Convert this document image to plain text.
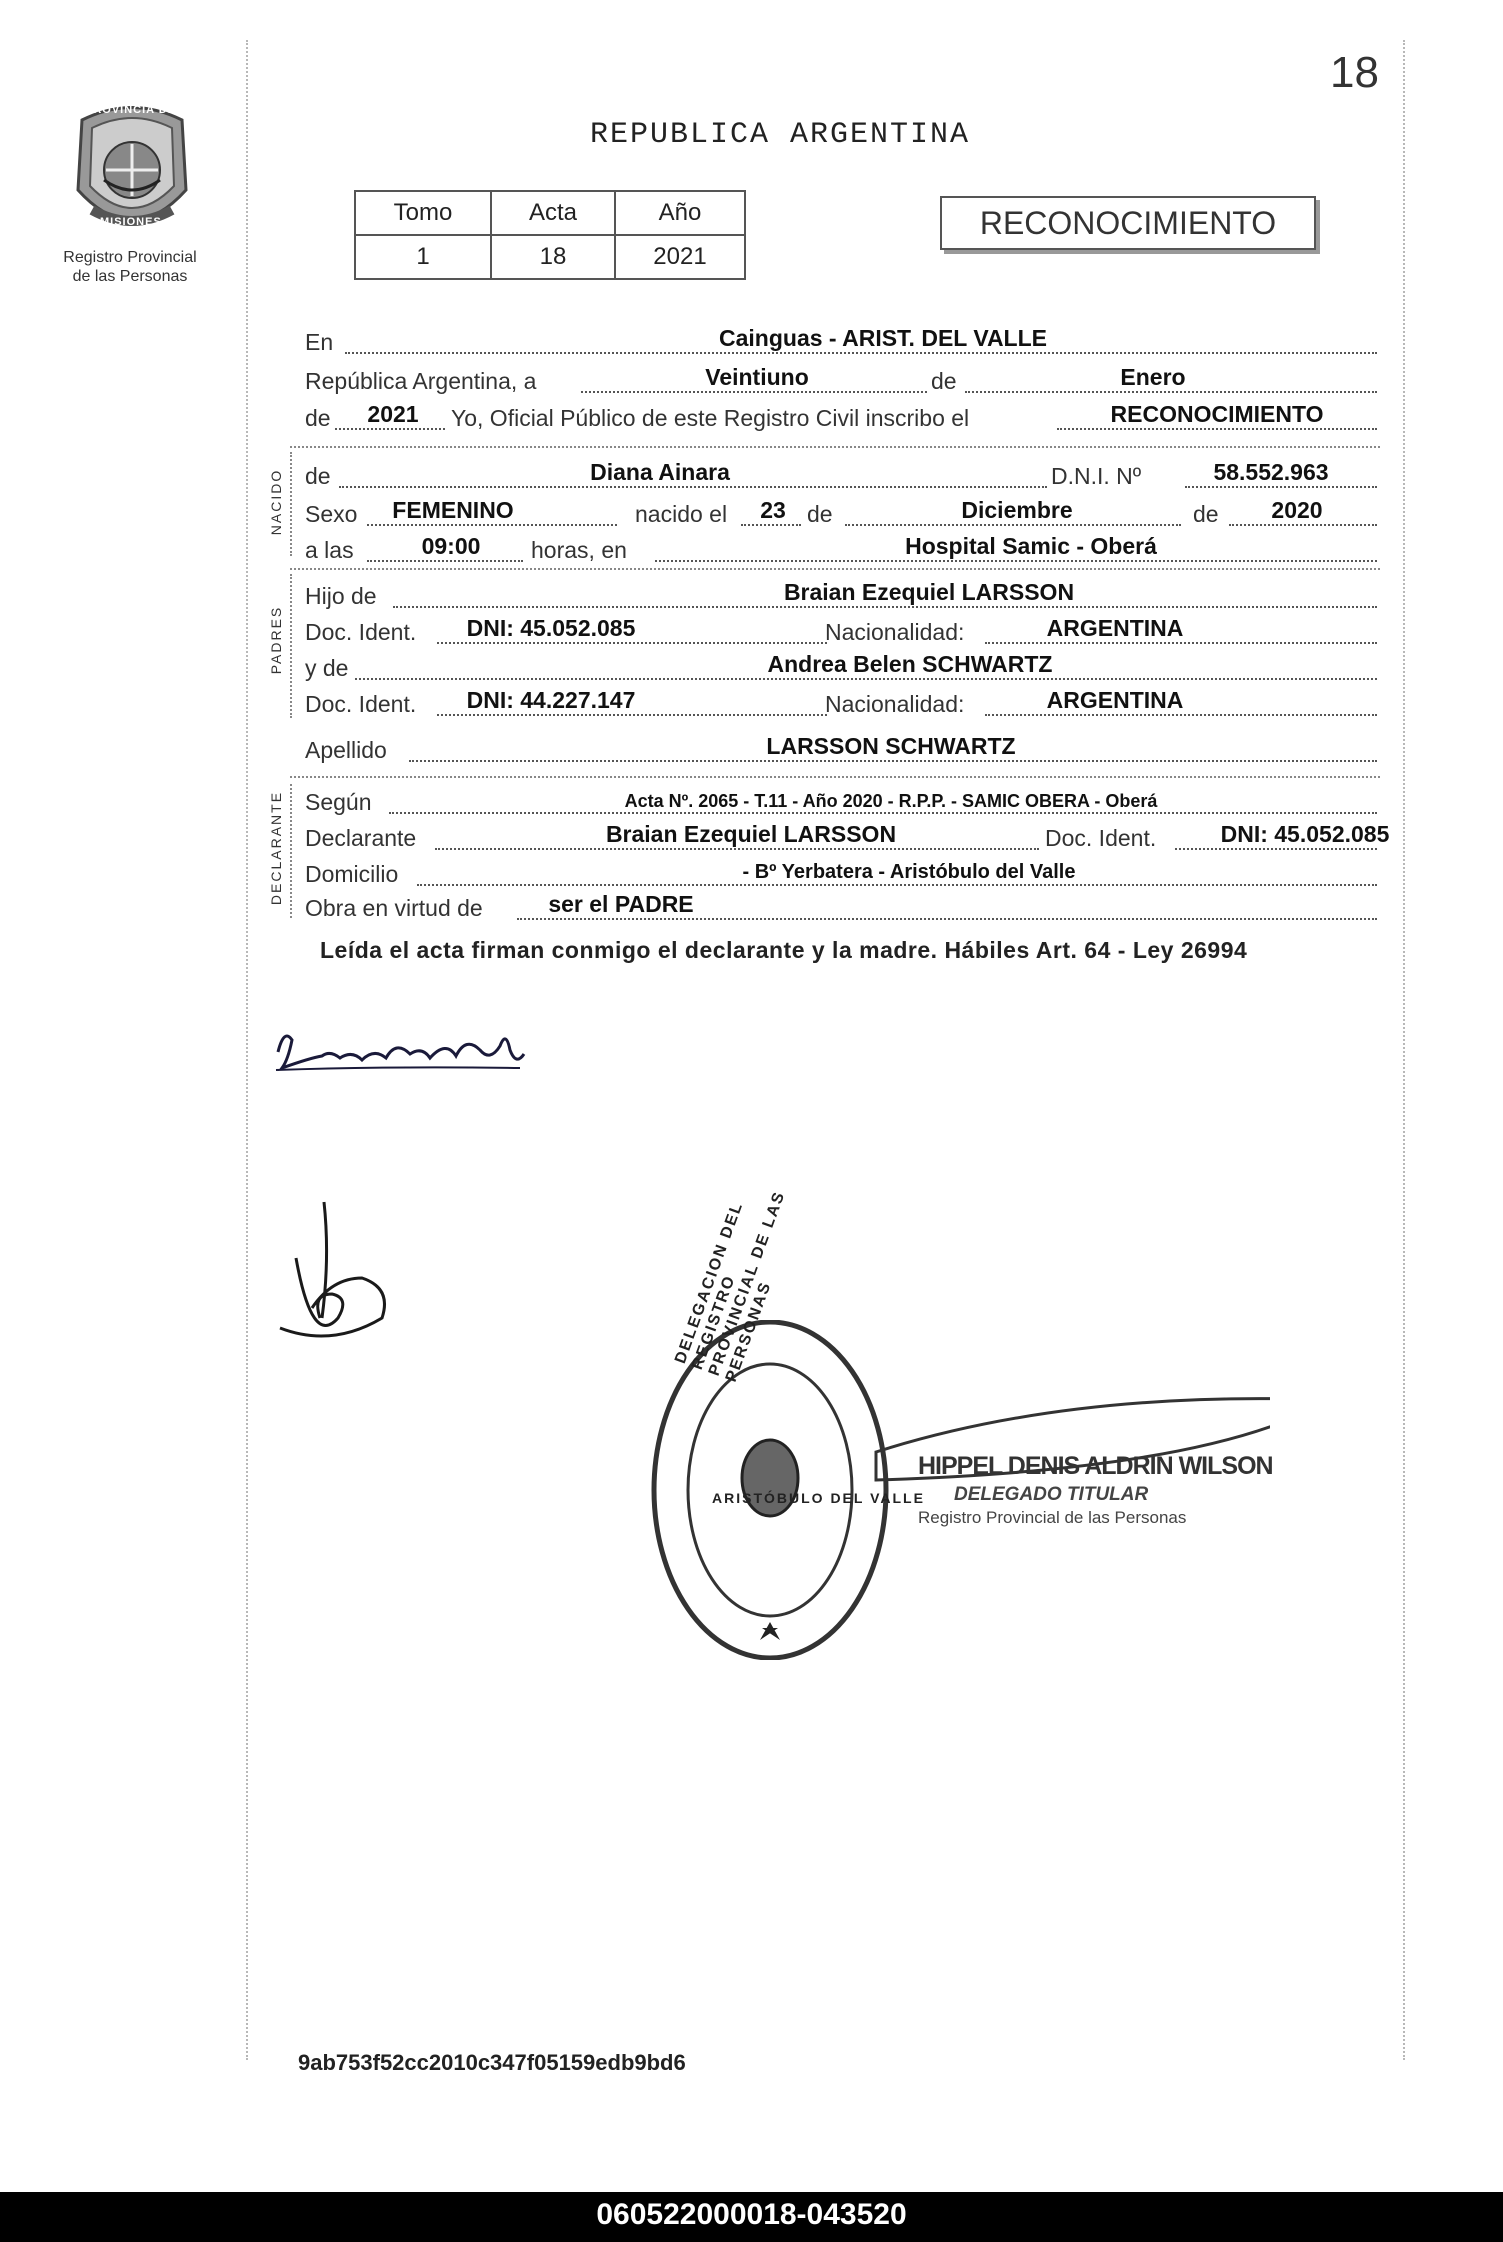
18
PROVINCIA DE
MISIONES
Registro Provincial
de las Personas
REPUBLICA ARGENTINA
Tomo	Acta	Año
1	18	2021
RECONOCIMIENTO
En	Cainguas - ARIST. DEL VALLE
República Argentina, a	Veintiuno	de	Enero
de 2021 Yo, Oficial Público de este Registro Civil inscribo el	RECONOCIMIENTO
NACIDO de	Diana Ainara	D.N.I. Nº	58.552.963
Sexo FEMENINO	nacido el 23 de	Diciembre	de 2020
a las	09:00 horas, en	Hospital Samic - Oberá
PADRES
Hijo de	Braian Ezequiel LARSSON
Doc. Ident. DNI: 45.052.085	Nacionalidad:	ARGENTINA
y de	Andrea Belen SCHWARTZ
Doc. Ident. DNI: 44.227.147	Nacionalidad:	ARGENTINA
Apellido	LARSSON SCHWARTZ
DECLARANTE Según	Acta Nº. 2065 - T.11 - Año 2020 - R.P.P. - SAMIC OBERA - Oberá
Declarante	Braian Ezequiel LARSSON	Doc. Ident.	DNI: 45.052.085
Domicilio	- Bº Yerbatera - Aristóbulo del Valle
Obra en virtud de	ser el PADRE
Leída el acta firman conmigo el declarante y la madre. Hábiles Art. 64 - Ley 26994
DELEGACION DEL REGISTRO PROVINCIAL DE LAS PERSONAS
ARISTÓBULO DEL VALLE
HIPPEL DENIS ALDRIN WILSON
DELEGADO TITULAR
Registro Provincial de las Personas
9ab753f52cc2010c347f05159edb9bd6
060522000018-043520
